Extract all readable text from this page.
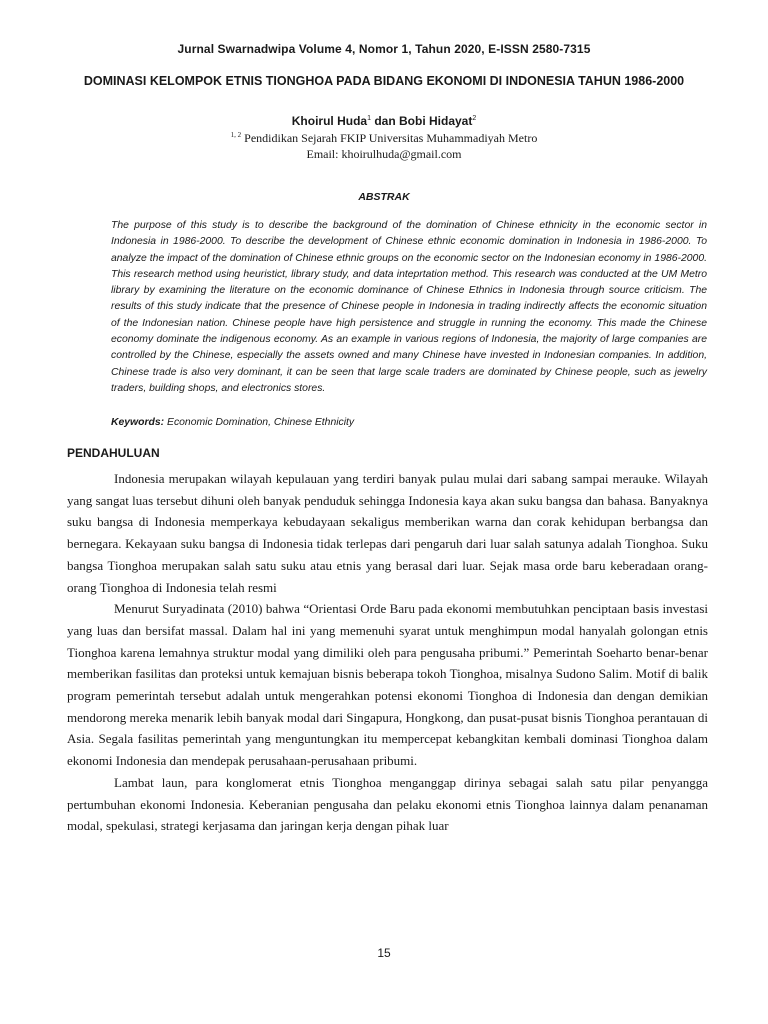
Jurnal Swarnadwipa Volume 4, Nomor 1, Tahun 2020, E-ISSN 2580-7315
DOMINASI KELOMPOK ETNIS TIONGHOA PADA BIDANG EKONOMI DI INDONESIA TAHUN 1986-2000
Khoirul Huda$^1$ dan Bobi Hidayat$^2$
$^{1, 2}$ Pendidikan Sejarah FKIP Universitas Muhammadiyah Metro
Email: khoirulhuda@gmail.com
ABSTRAK

The purpose of this study is to describe the background of the domination of Chinese ethnicity in the economic sector in Indonesia in 1986-2000. To describe the development of Chinese ethnic economic domination in Indonesia in 1986-2000. To analyze the impact of the domination of Chinese ethnic groups on the economic sector on the Indonesian economy in 1986-2000. This research method using heuristict, library study, and data inteprtation method. This research was conducted at the UM Metro library by examining the literature on the economic dominance of Chinese Ethnics in Indonesia through source criticism. The results of this study indicate that the presence of Chinese people in Indonesia in trading indirectly affects the economic situation of the Indonesian nation. Chinese people have high persistence and struggle in running the economy. This made the Chinese economy dominate the indigenous economy. As an example in various regions of Indonesia, the majority of large companies are controlled by the Chinese, especially the assets owned and many Chinese have invested in Indonesian companies. In addition, Chinese trade is also very dominant, it can be seen that large scale traders are dominated by Chinese people, such as jewelry traders, building shops, and electronics stores.

Keywords: Economic Domination, Chinese Ethnicity
PENDAHULUAN

Indonesia merupakan wilayah kepulauan yang terdiri banyak pulau mulai dari sabang sampai merauke. Wilayah yang sangat luas tersebut dihuni oleh banyak penduduk sehingga Indonesia kaya akan suku bangsa dan bahasa. Banyaknya suku bangsa di Indonesia memperkaya kebudayaan sekaligus memberikan warna dan corak kehidupan berbangsa dan bernegara. Kekayaan suku bangsa di Indonesia tidak terlepas dari pengaruh dari luar salah satunya adalah Tionghoa. Suku bangsa Tionghoa merupakan salah satu suku atau etnis yang berasal dari luar. Sejak masa orde baru keberadaan orang-orang Tionghoa di Indonesia telah resmi

Menurut Suryadinata (2010) bahwa “Orientasi Orde Baru pada ekonomi membutuhkan penciptaan basis investasi yang luas dan bersifat massal. Dalam hal ini yang memenuhi syarat untuk menghimpun modal hanyalah golongan etnis Tionghoa karena lemahnya struktur modal yang dimiliki oleh para pengusaha pribumi.” Pemerintah Soeharto benar-benar memberikan fasilitas dan proteksi untuk kemajuan bisnis beberapa tokoh Tionghoa, misalnya Sudono Salim. Motif di balik program pemerintah tersebut adalah untuk mengerahkan potensi ekonomi Tionghoa di Indonesia dan dengan demikian mendorong mereka menarik lebih banyak modal dari Singapura, Hongkong, dan pusat-pusat bisnis Tionghoa perantauan di Asia. Segala fasilitas pemerintah yang menguntungkan itu mempercepat kebangkitan kembali dominasi Tionghoa dalam ekonomi Indonesia dan mendepak perusahaan-perusahaan pribumi.

Lambat laun, para konglomerat etnis Tionghoa menganggap dirinya sebagai salah satu pilar penyangga pertumbuhan ekonomi Indonesia. Keberanian pengusaha dan pelaku ekonomi etnis Tionghoa lainnya dalam penanaman modal, spekulasi, strategi kerjasama dan jaringan kerja dengan pihak luar

15
